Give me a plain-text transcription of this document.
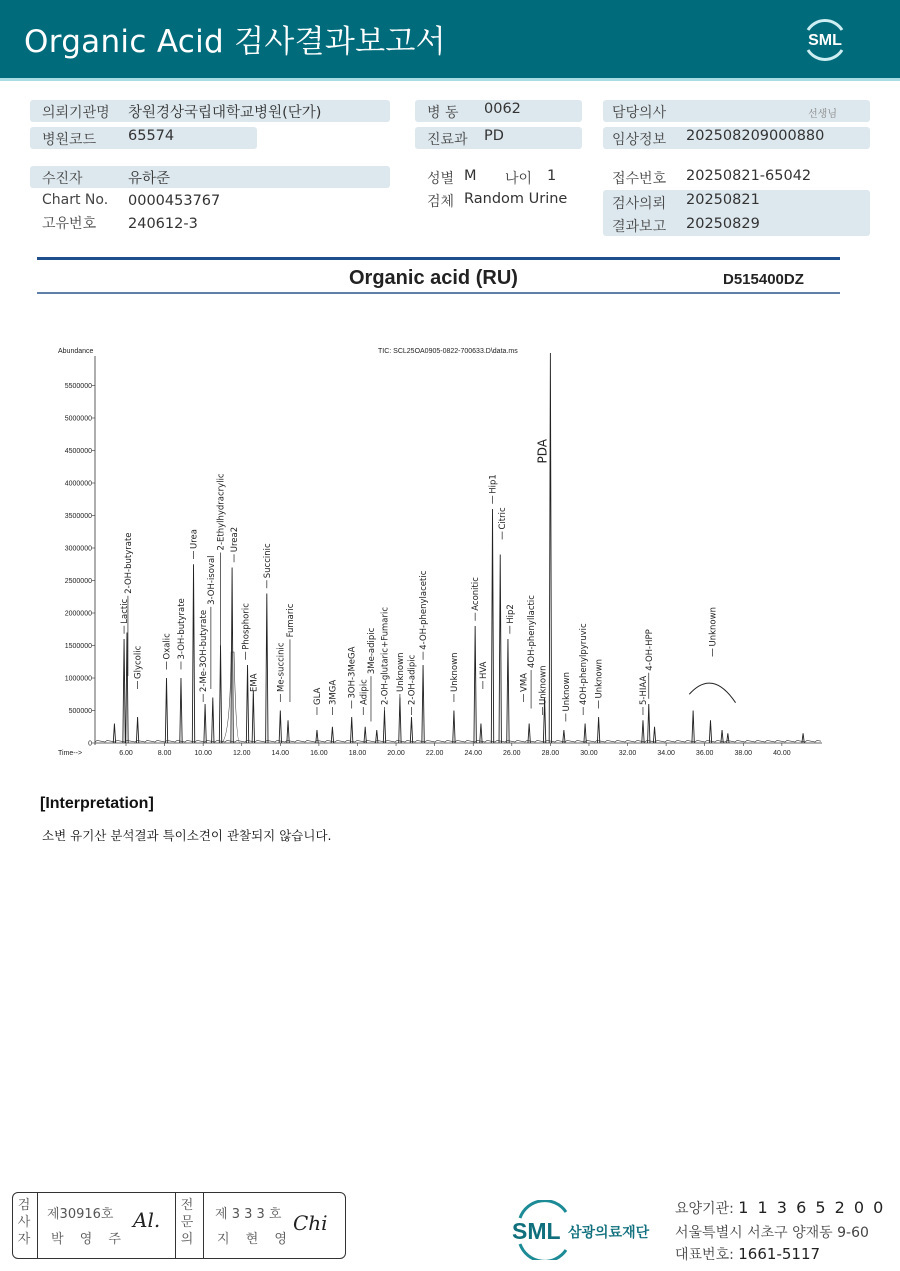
Organic Acid 검사결과보고서	SML
의뢰기관명 창원경상국립대학교병원(단가)
병원코드 65574
수진자	유하준
Chart No. 0000453767
고유번호 240612-3
병 동 0062
진료과 PD
성별 M 나이 1
검체 Random Urine
담당의사	선생님
임상정보 202508209000880
접수번호 20250821-65042
검사의뢰 20250821
결과보고 20250829
Organic acid (RU)	D515400DZ
Abundance	TIC: SCL25OA0905-0822-700633.D\data.ms
Time-->
0
500000
1000000
1500000
2000000
2500000
3000000
3500000
4000000
4500000
5000000
5500000
6.00	8.00	10.00	12.00	14.00	16.00	18.00	20.00	22.00	24.00	26.00	28.00	30.00	32.00	34.00	36.00	38.00	40.00
Lactic
2-OH-butyrate
Glycolic Oxalic 3-OH-butyrate
Urea
2-Me-3OH-butyrate
3-OH-isoval
2-Ethylhydracrylic Urea2
Phosphoric
EMA
Succinic
Me-succinic
Fumaric
GLA 3MGA 3OH-3MeGA Adipic
3Me-adipic 2-OH-glutaric+Fumaric Unknown 2-OH-adipic
4-OH-phenylacetic
Unknown
Aconitic
HVA
Hip1
Citric
Hip2
VMA
4OH-phenyllactic
Unknown
PDA
Unknown 4OH-phenylpyruvic Unknown	5-HIAA
4-OH-HPP
Unknown
[Interpretation]
소변 유기산 분석결과 특이소견이 관찰되지 않습니다.
검사자
제30916호
박 영 주
Al.
전문의
제 3 3 3 호
지 현 영
Chi	SML 삼광의료재단
요양기관: 1 1 3 6 5 2 0 0
서울특별시 서초구 양재동 9-60
대표번호: 1661-5117
